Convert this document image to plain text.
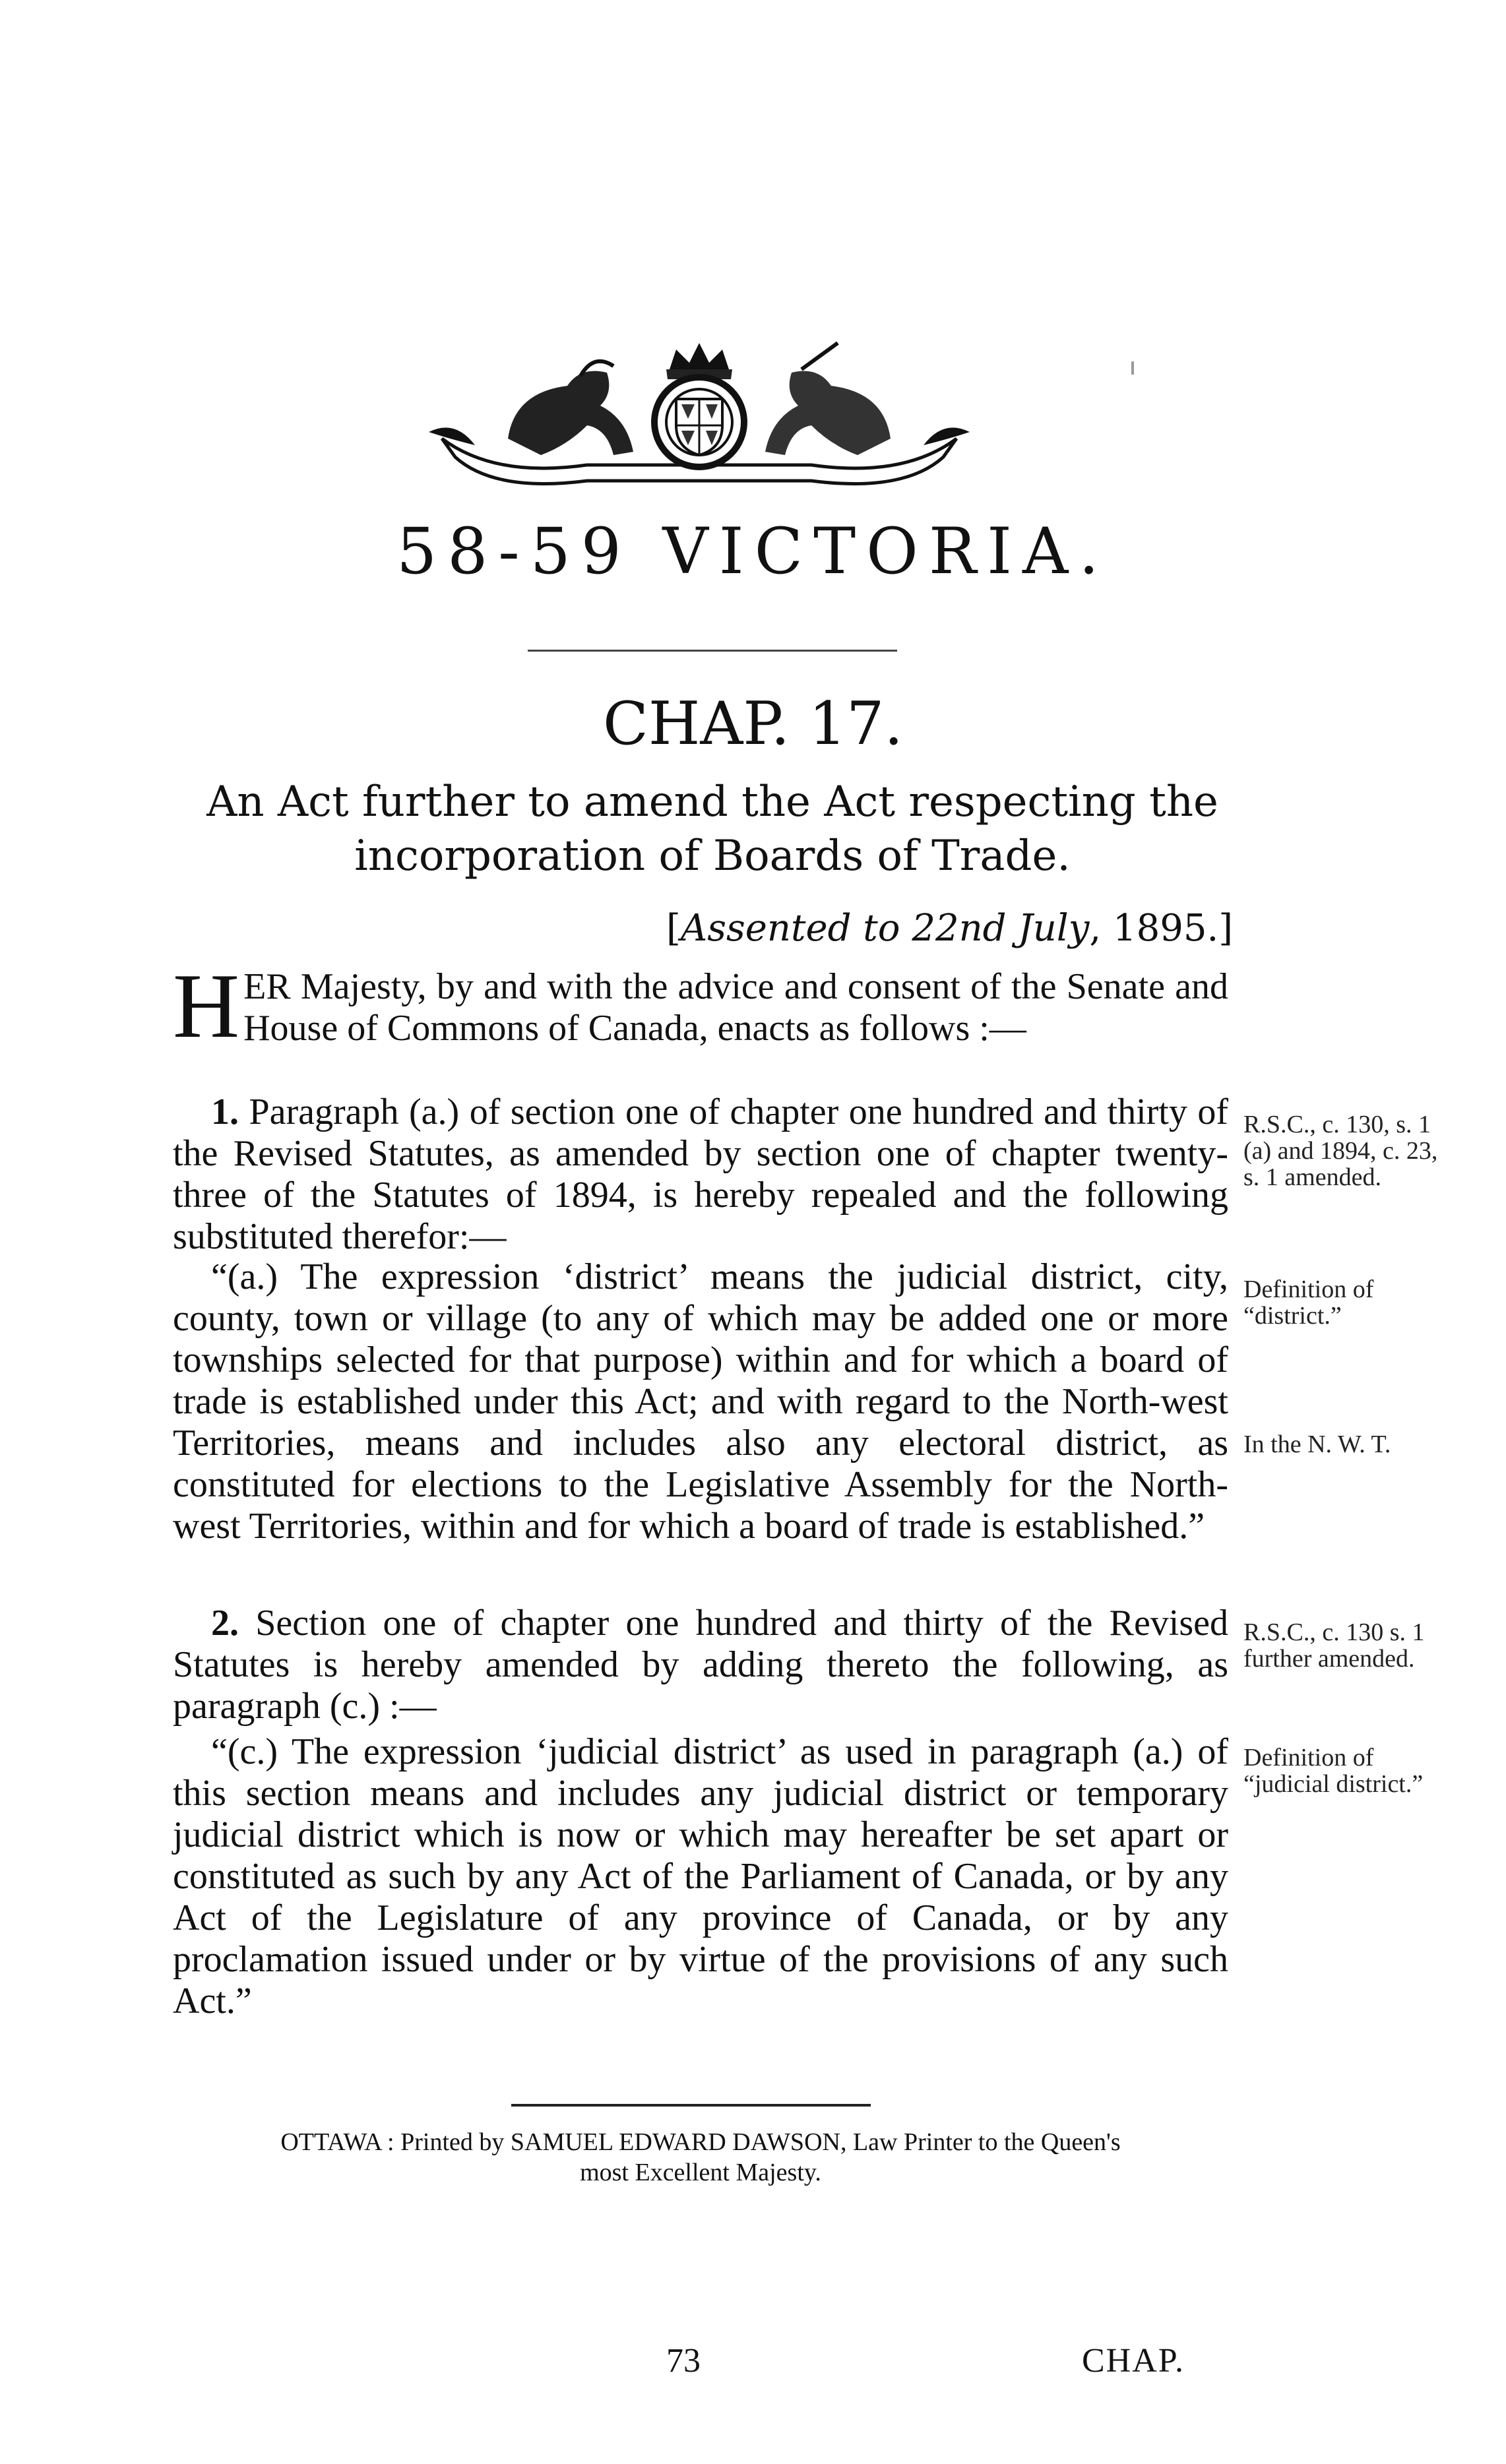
58-59 VICTORIA.
CHAP. 17.
An Act further to amend the Act respecting the incorporation of Boards of Trade.
[Assented to 22nd July, 1895.]
HER Majesty, by and with the advice and consent of the Senate and House of Commons of Canada, enacts as follows :—
1. Paragraph (a.) of section one of chapter one hundred and thirty of the Revised Statutes, as amended by section one of chapter twenty-three of the Statutes of 1894, is hereby repealed and the following substituted therefor:—
“(a.) The expression ‘district’ means the judicial district, city, county, town or village (to any of which may be added one or more townships selected for that purpose) within and for which a board of trade is established under this Act; and with regard to the North-west Territories, means and includes also any electoral district, as constituted for elections to the Legislative Assembly for the North-west Territories, within and for which a board of trade is established.”
2. Section one of chapter one hundred and thirty of the Revised Statutes is hereby amended by adding thereto the following, as paragraph (c.) :—
“(c.) The expression ‘judicial district’ as used in paragraph (a.) of this section means and includes any judicial district or temporary judicial district which is now or which may hereafter be set apart or constituted as such by any Act of the Parliament of Canada, or by any Act of the Legislature of any province of Canada, or by any proclamation issued under or by virtue of the provisions of any such Act.”
R.S.C., c. 130, s. 1 (a) and 1894, c. 23, s. 1 amended.
Definition of “district.”
In the N. W. T.
R.S.C., c. 130 s. 1 further amended.
Definition of “judicial district.”
OTTAWA : Printed by SAMUEL EDWARD DAWSON, Law Printer to the Queen's
most Excellent Majesty.
73	CHAP.
